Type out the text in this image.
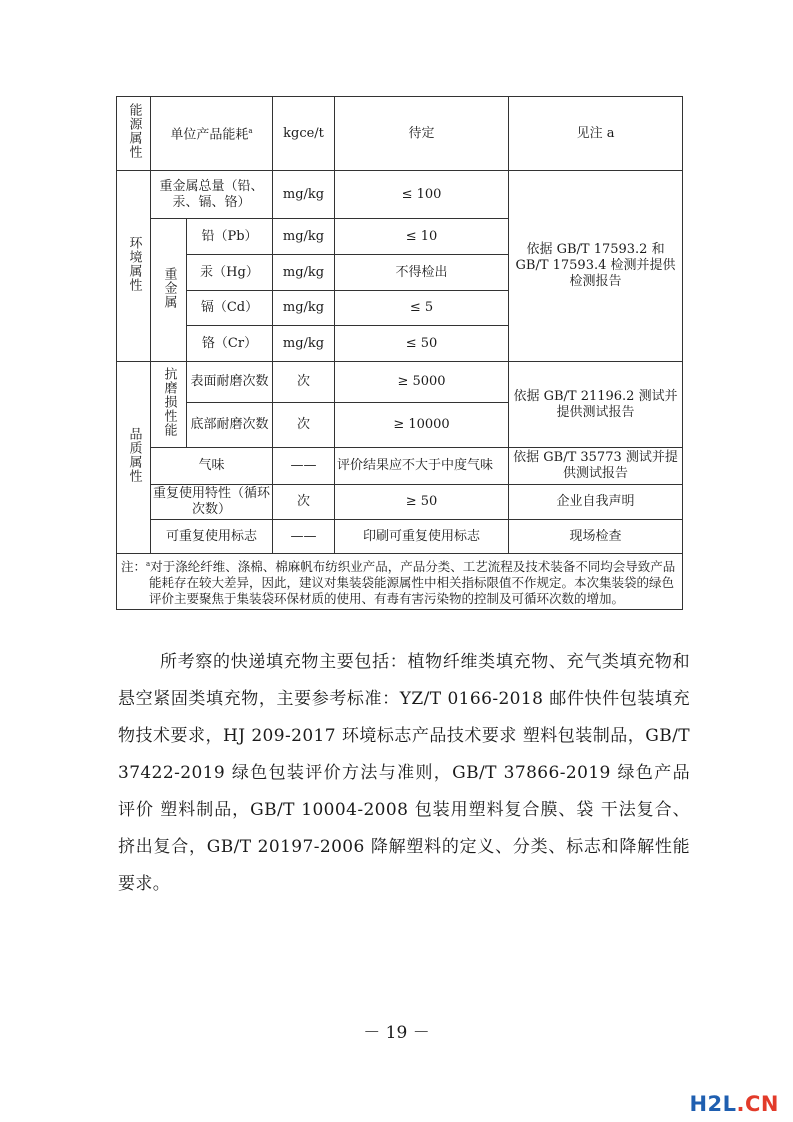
能源属性	单位产品能耗$^a$		kgce/t	待定	见注 a
环境属性	重金属总量（铅、汞、镉、铬）		mg/kg	≤ 100	依据 GB/T 17593.2 和 GB/T 17593.4 检测并提供检测报告
	重金属	铅（Pb）	mg/kg	≤ 10	
		汞（Hg）	mg/kg	不得检出	
		镉（Cd）	mg/kg	≤ 5	
		铬（Cr）	mg/kg	≤ 50	
品质属性	抗磨损性能	表面耐磨次数	次	≥ 5000	依据 GB/T 21196.2 测试并提供测试报告
		底部耐磨次数	次	≥ 10000	
	气味		——	评价结果应不大于中度气味	依据 GB/T 35773 测试并提供测试报告
	重复使用特性（循环次数）		次	≥ 50	企业自我声明
	可重复使用标志		——	印刷可重复使用标志	现场检查

注：$^a$对于涤纶纤维、涤棉、棉麻帆布纺织业产品，产品分类、工艺流程及技术装备不同均会导致产品能耗存在较大差异，因此，建议对集装袋能源属性中相关指标限值不作规定。本次集装袋的绿色评价主要聚焦于集装袋环保材质的使用、有毒有害污染物的控制及可循环次数的增加。					

所考察的快递填充物主要包括：植物纤维类填充物、充气类填充物和悬空紧固类填充物，主要参考标准：YZ/T 0166-2018 邮件快件包装填充物技术要求，HJ 209-2017 环境标志产品技术要求 塑料包装制品，GB/T 37422-2019 绿色包装评价方法与准则，GB/T 37866-2019 绿色产品评价 塑料制品，GB/T 10004-2008 包装用塑料复合膜、袋 干法复合、挤出复合，GB/T 20197-2006 降解塑料的定义、分类、标志和降解性能要求。

－ 19 －
H2L.CN
